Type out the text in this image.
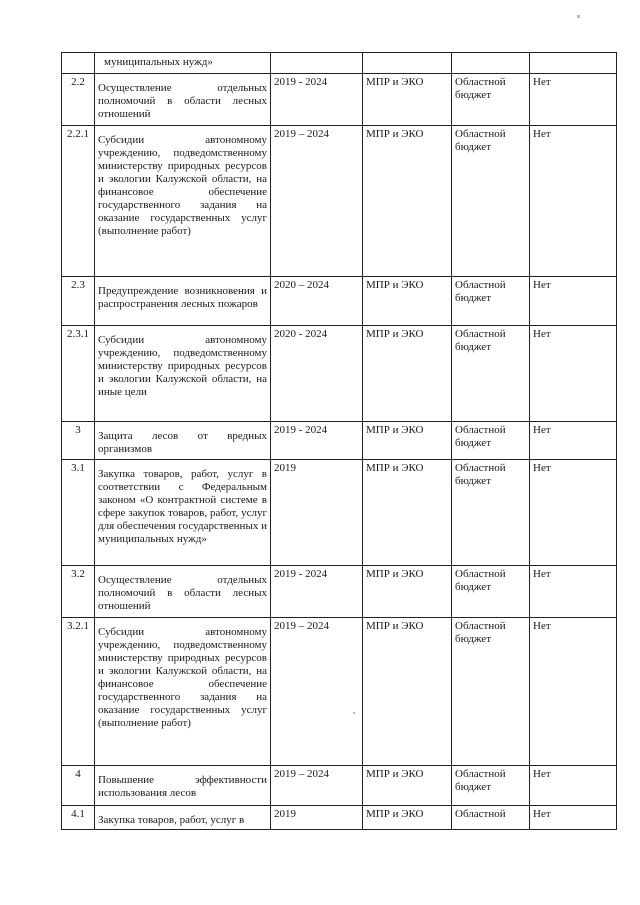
	муниципальных нужд»				

2.2	Осуществление отдельных полномочий в области лесных отношений	2019 - 2024	МПР и ЭКО	Областной бюджет	Нет
2.2.1	Субсидии автономному учреждению, подведомственному министерству природных ресурсов и экологии Калужской области, на финансовое обеспечение государственного задания на оказание государственных услуг (выполнение работ)	2019 – 2024	МПР и ЭКО	Областной бюджет	Нет
2.3	Предупреждение возникновения и распространения лесных пожаров	2020 – 2024	МПР и ЭКО	Областной бюджет	Нет
2.3.1	Субсидии автономному учреждению, подведомственному министерству природных ресурсов и экологии Калужской области, на иные цели	2020 - 2024	МПР и ЭКО	Областной бюджет	Нет
3	Защита лесов от вредных организмов	2019 - 2024	МПР и ЭКО	Областной бюджет	Нет
3.1	Закупка товаров, работ, услуг в соответствии с Федеральным законом «О контрактной системе в сфере закупок товаров, работ, услуг для обеспечения государственных и муниципальных нужд»	2019	МПР и ЭКО	Областной бюджет	Нет
3.2	Осуществление отдельных полномочий в области лесных отношений	2019 - 2024	МПР и ЭКО	Областной бюджет	Нет
3.2.1	Субсидии автономному учреждению, подведомственному министерству природных ресурсов и экологии Калужской области, на финансовое обеспечение государственного задания на оказание государственных услуг (выполнение работ)	2019 – 2024	МПР и ЭКО	Областной бюджет	Нет
4	Повышение эффективности использования лесов	2019 – 2024	МПР и ЭКО	Областной бюджет	Нет
4.1	Закупка товаров, работ, услуг в	2019	МПР и ЭКО	Областной	Нет
